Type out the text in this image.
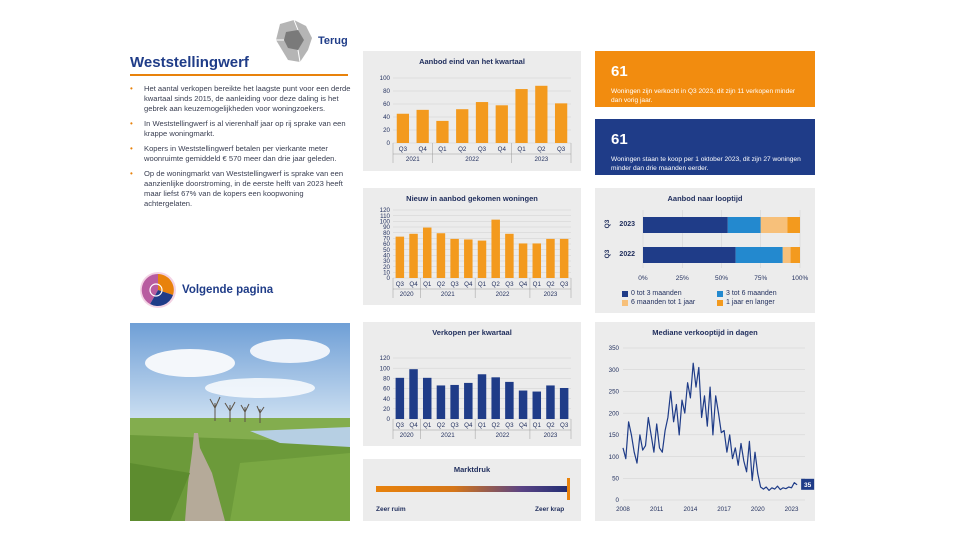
Terug
Weststellingwerf
• Het aantal verkopen bereikte het laagste punt voor een derde kwartaal sinds 2015, de aanleiding voor deze daling is het gebrek aan keuzemogelijkheden voor woningzoekers.
• In Weststellingwerf is al vierenhalf jaar op rij sprake van een krappe woningmarkt.
• Kopers in Weststellingwerf betalen per vierkante meter woonruimte gemiddeld € 570 meer dan drie jaar geleden.
• Op de woningmarkt van Weststellingwerf is sprake van een aanzienlijke doorstroming, in de eerste helft van 2023 heeft maar liefst 67% van de kopers een koopwoning achtergelaten.
Volgende pagina
Aanbod eind van het kwartaal
0
20
40
60
80
100
Q3 Q4 Q1 Q2 Q3 Q4 Q1 Q2 Q3
2021	2022	2023
Nieuw in aanbod gekomen woningen
0
10
20
30
40
50
60
70
80
90
100
110
120
Q3 Q4 Q1 Q2 Q3 Q4 Q1 Q2 Q3 Q4 Q1 Q2 Q3
2020	2021	2022	2023
Verkopen per kwartaal
0
20
40
60
80
100
120
Q3 Q4 Q1 Q2 Q3 Q4 Q1 Q2 Q3 Q4 Q1 Q2 Q3
2020	2021	2022	2023
Marktdruk
Zeer ruim	Zeer krap
61
Woningen zijn verkocht in Q3 2023, dit zijn 11 verkopen minder dan vorig jaar.
61
Woningen staan te koop per 1 oktober 2023, dit zijn 27 woningen minder dan drie maanden eerder.
Aanbod naar looptijd
0%	25%	50%	75%	100%
2023
Q3
2022
Q3
0 tot 3 maanden	3 tot 6 maanden
6 maanden tot 1 jaar	1 jaar en langer
Mediane verkooptijd in dagen
0
50
100
150
200
250
300
350
2008	2011	2014	2017	2020	2023
35
